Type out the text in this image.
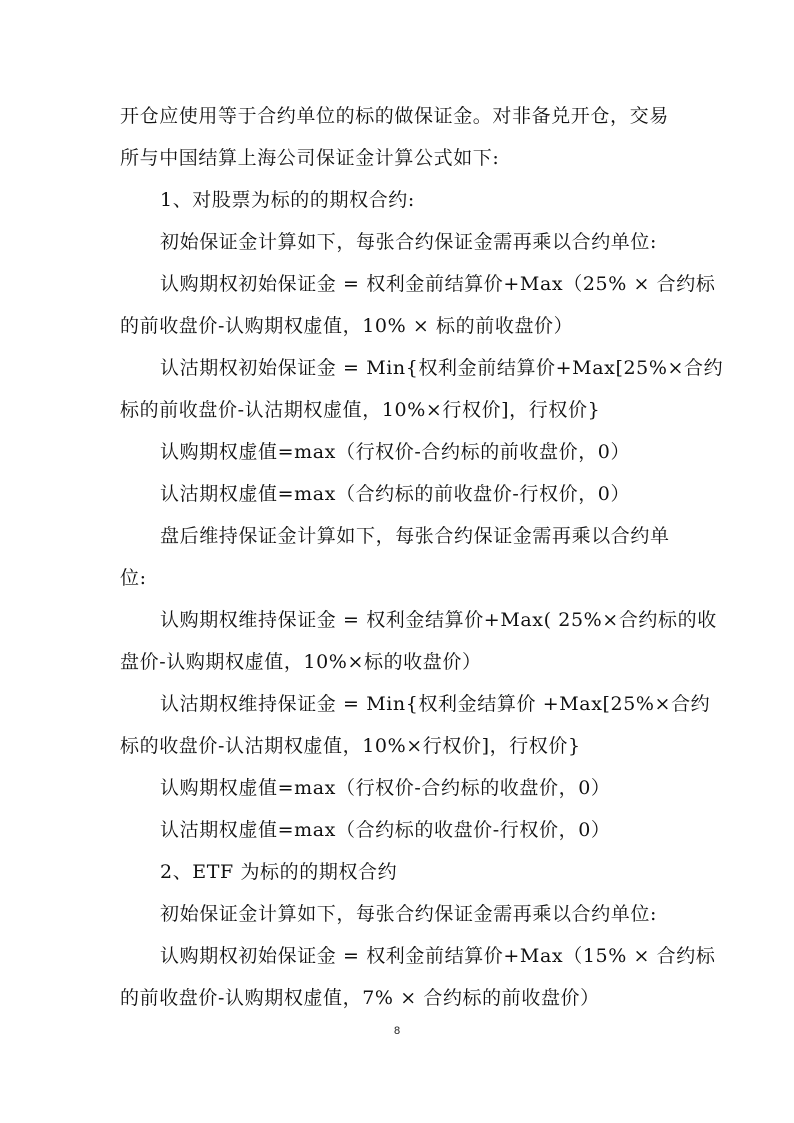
开仓应使用等于合约单位的标的做保证金。对非备兑开仓，交易
所与中国结算上海公司保证金计算公式如下:
1、对股票为标的的期权合约:
初始保证金计算如下，每张合约保证金需再乘以合约单位:
认购期权初始保证金 = 权利金前结算价+Max（25% × 合约标
的前收盘价-认购期权虚值，10% × 标的前收盘价）
认沽期权初始保证金 = Min{权利金前结算价+Max[25%×合约
标的前收盘价-认沽期权虚值，10%×行权价]，行权价}
认购期权虚值=max（行权价-合约标的前收盘价，0）
认沽期权虚值=max（合约标的前收盘价-行权价，0）
盘后维持保证金计算如下，每张合约保证金需再乘以合约单
位:
认购期权维持保证金 = 权利金结算价+Max( 25%×合约标的收
盘价-认购期权虚值，10%×标的收盘价）
认沽期权维持保证金 = Min{权利金结算价 +Max[25%×合约
标的收盘价-认沽期权虚值，10%×行权价]，行权价}
认购期权虚值=max（行权价-合约标的收盘价，0）
认沽期权虚值=max（合约标的收盘价-行权价，0）
2、ETF 为标的的期权合约
初始保证金计算如下，每张合约保证金需再乘以合约单位:
认购期权初始保证金 = 权利金前结算价+Max（15% × 合约标
的前收盘价-认购期权虚值，7% × 合约标的前收盘价）
8
